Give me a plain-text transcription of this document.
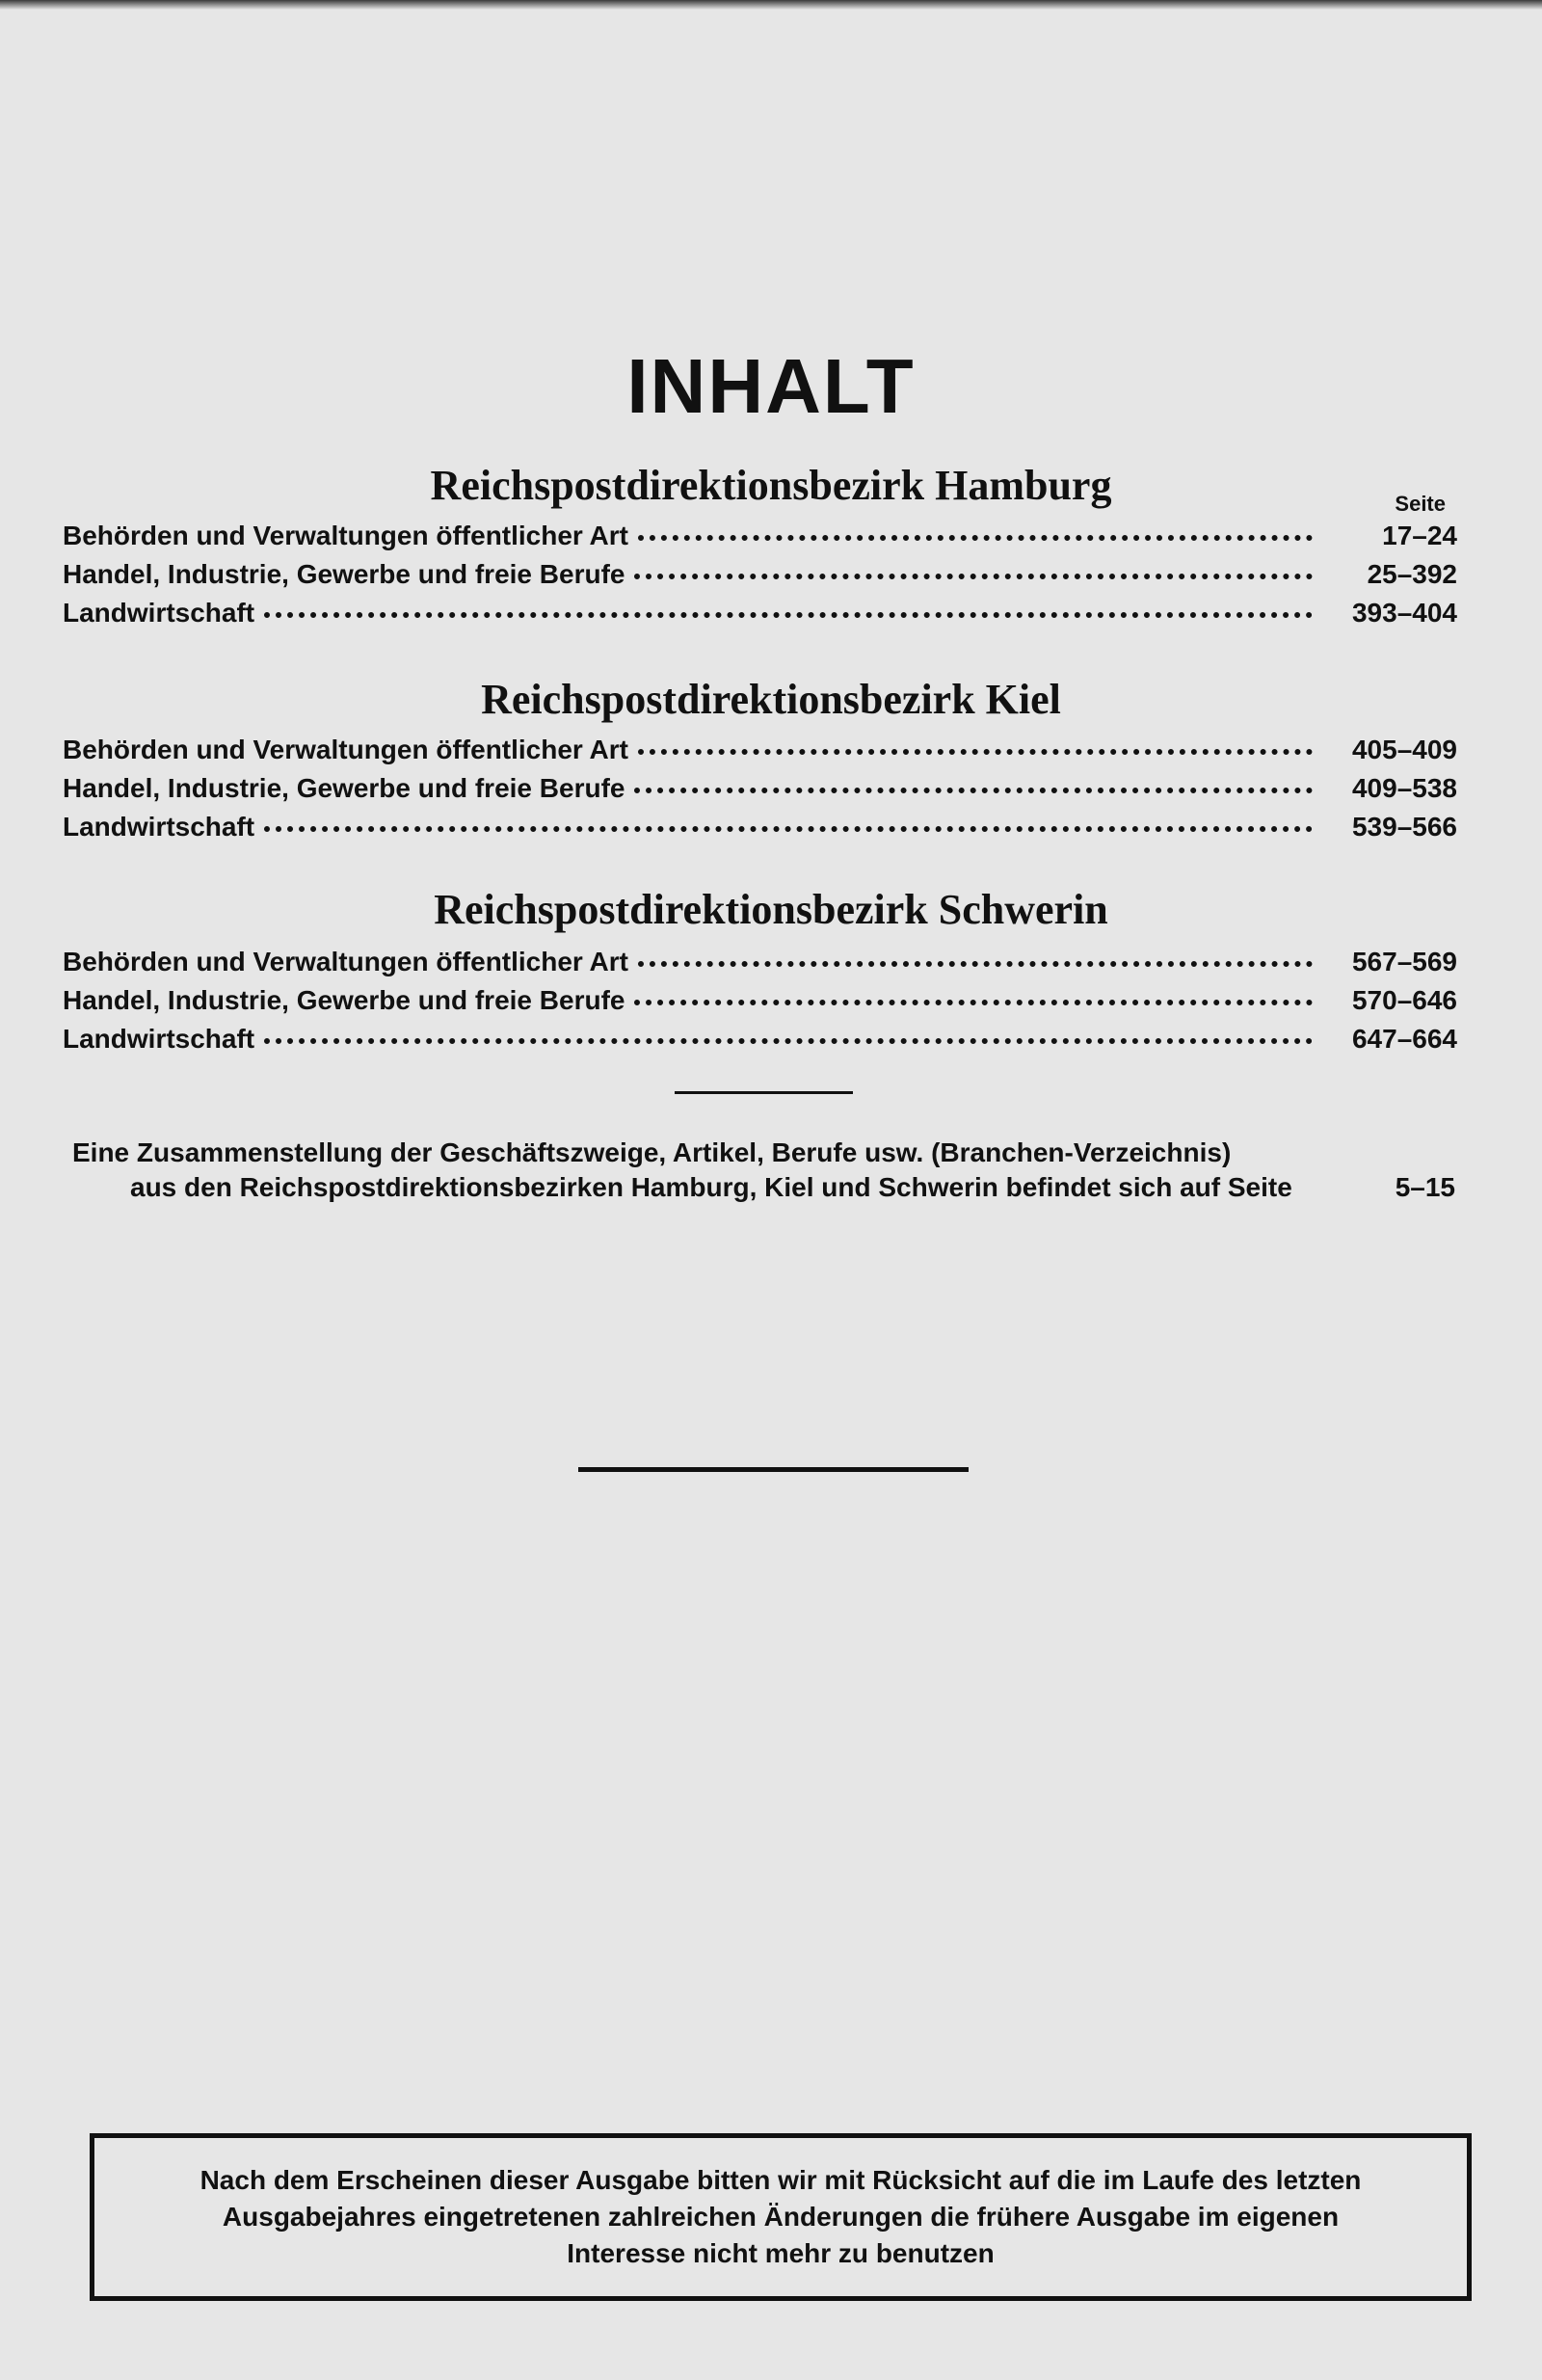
INHALT
Reichspostdirektionsbezirk Hamburg	Seite
Behörden und Verwaltungen öffentlicher Art	17–24
Handel, Industrie, Gewerbe und freie Berufe	25–392
Landwirtschaft	393–404
Reichspostdirektionsbezirk Kiel
Behörden und Verwaltungen öffentlicher Art	405–409
Handel, Industrie, Gewerbe und freie Berufe	409–538
Landwirtschaft	539–566
Reichspostdirektionsbezirk Schwerin
Behörden und Verwaltungen öffentlicher Art	567–569
Handel, Industrie, Gewerbe und freie Berufe	570–646
Landwirtschaft	647–664
Eine Zusammenstellung der Geschäftszweige, Artikel, Berufe usw. (Branchen-Verzeichnis)
aus den Reichspostdirektionsbezirken Hamburg, Kiel und Schwerin befindet sich auf Seite	5–15
Nach dem Erscheinen dieser Ausgabe bitten wir mit Rücksicht auf die im Laufe des letzten Ausgabejahres eingetretenen zahlreichen Änderungen die frühere Ausgabe im eigenen Interesse nicht mehr zu benutzen
